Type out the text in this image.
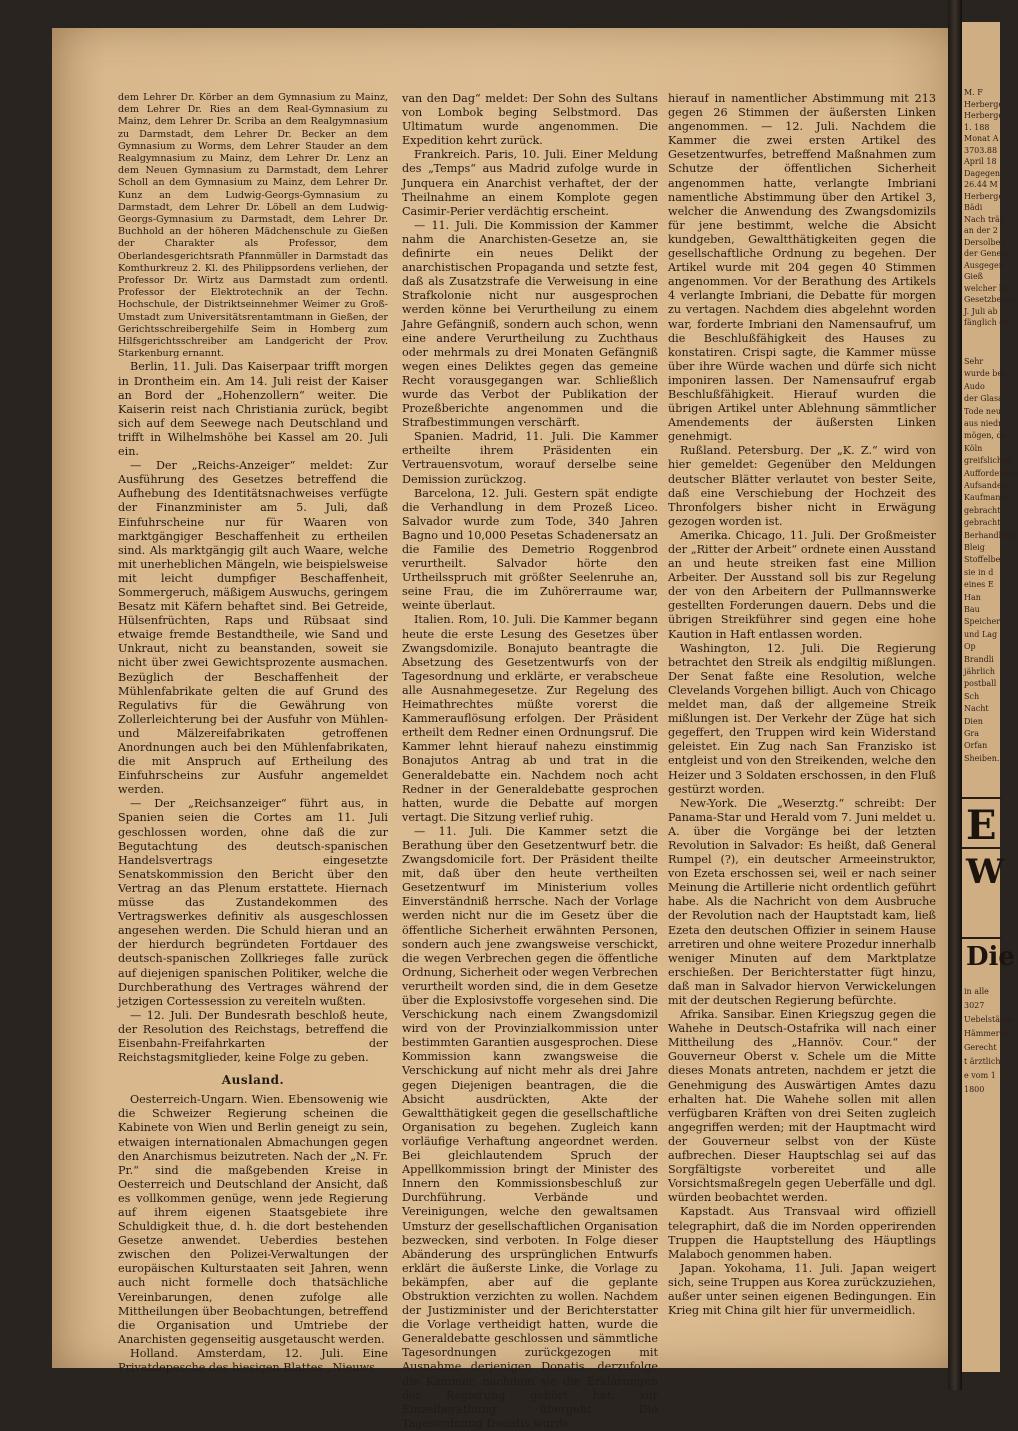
dem Lehrer Dr. Körber an dem Gymnasium zu Mainz, dem Lehrer Dr. Ries an dem Real-Gymnasium zu Mainz, dem Lehrer Dr. Scriba an dem Realgymnasium zu Darmstadt, dem Lehrer Dr. Becker an dem Gymnasium zu Worms, dem Lehrer Stauder an dem Realgymnasium zu Mainz, dem Lehrer Dr. Lenz an dem Neuen Gymnasium zu Darmstadt, dem Lehrer Scholl an dem Gymnasium zu Mainz, dem Lehrer Dr. Kunz an dem Ludwig-Georgs-Gymnasium zu Darmstadt, dem Lehrer Dr. Löbell an dem Ludwig-Georgs-Gymnasium zu Darmstadt, dem Lehrer Dr. Buchhold an der höheren Mädchenschule zu Gießen der Charakter als Professor, dem Oberlandesgerichtsrath Pfannmüller in Darmstadt das Komthurkreuz 2. Kl. des Philippsordens verliehen, der Professor Dr. Wirtz aus Darmstadt zum ordentl. Professor der Elektrotechnik an der Techn. Hochschule, der Distriktseinnehmer Weimer zu Groß-Umstadt zum Universitätsrentamtmann in Gießen, der Gerichtsschreibergehilfe Seim in Homberg zum Hilfsgerichtsschreiber am Landgericht der Prov. Starkenburg ernannt.

Berlin, 11. Juli. Das Kaiserpaar trifft morgen in Drontheim ein. Am 14. Juli reist der Kaiser an Bord der „Hohenzollern“ weiter. Die Kaiserin reist nach Christiania zurück, begibt sich auf dem Seewege nach Deutschland und trifft in Wilhelmshöhe bei Kassel am 20. Juli ein.

— Der „Reichs-Anzeiger“ meldet: Zur Ausführung des Gesetzes betreffend die Aufhebung des Identitätsnachweises verfügte der Finanzminister am 5. Juli, daß Einfuhrscheine nur für Waaren von marktgängiger Beschaffenheit zu ertheilen sind. Als marktgängig gilt auch Waare, welche mit unerheblichen Mängeln, wie beispielsweise mit leicht dumpfiger Beschaffenheit, Sommergeruch, mäßigem Auswuchs, geringem Besatz mit Käfern behaftet sind. Bei Getreide, Hülsenfrüchten, Raps und Rübsaat sind etwaige fremde Bestandtheile, wie Sand und Unkraut, nicht zu beanstanden, soweit sie nicht über zwei Gewichtsprozente ausmachen. Bezüglich der Beschaffenheit der Mühlenfabrikate gelten die auf Grund des Regulativs für die Gewährung von Zollerleichterung bei der Ausfuhr von Mühlen- und Mälzereifabrikaten getroffenen Anordnungen auch bei den Mühlenfabrikaten, die mit Anspruch auf Ertheilung des Einfuhrscheins zur Ausfuhr angemeldet werden.

— Der „Reichsanzeiger“ führt aus, in Spanien seien die Cortes am 11. Juli geschlossen worden, ohne daß die zur Begutachtung des deutsch-spanischen Handelsvertrags eingesetzte Senatskommission den Bericht über den Vertrag an das Plenum erstattete. Hiernach müsse das Zustandekommen des Vertragswerkes definitiv als ausgeschlossen angesehen werden. Die Schuld hieran und an der hierdurch begründeten Fortdauer des deutsch-spanischen Zollkrieges falle zurück auf diejenigen spanischen Politiker, welche die Durchberathung des Vertrages während der jetzigen Cortessession zu vereiteln wußten.

— 12. Juli. Der Bundesrath beschloß heute, der Resolution des Reichstags, betreffend die Eisenbahn-Freifahrkarten der Reichstagsmitglieder, keine Folge zu geben.

Ausland.

Oesterreich-Ungarn. Wien. Ebensowenig wie die Schweizer Regierung scheinen die Kabinete von Wien und Berlin geneigt zu sein, etwaigen internationalen Abmachungen gegen den Anarchismus beizutreten. Nach der „N. Fr. Pr.“ sind die maßgebenden Kreise in Oesterreich und Deutschland der Ansicht, daß es vollkommen genüge, wenn jede Regierung auf ihrem eigenen Staatsgebiete ihre Schuldigkeit thue, d. h. die dort bestehenden Gesetze anwendet. Ueberdies bestehen zwischen den Polizei-Verwaltungen der europäischen Kulturstaaten seit Jahren, wenn auch nicht formelle doch thatsächliche Vereinbarungen, denen zufolge alle Mittheilungen über Beobachtungen, betreffend die Organisation und Umtriebe der Anarchisten gegenseitig ausgetauscht werden.

Holland. Amsterdam, 12. Juli. Eine Privatdepesche des hiesigen Blattes „Nieuws

van den Dag“ meldet: Der Sohn des Sultans von Lombok beging Selbstmord. Das Ultimatum wurde angenommen. Die Expedition kehrt zurück.

Frankreich. Paris, 10. Juli. Einer Meldung des „Temps“ aus Madrid zufolge wurde in Junquera ein Anarchist verhaftet, der der Theilnahme an einem Komplote gegen Casimir-Perier verdächtig erscheint.

— 11. Juli. Die Kommission der Kammer nahm die Anarchisten-Gesetze an, sie definirte ein neues Delikt der anarchistischen Propaganda und setzte fest, daß als Zusatzstrafe die Verweisung in eine Strafkolonie nicht nur ausgesprochen werden könne bei Verurtheilung zu einem Jahre Gefängniß, sondern auch schon, wenn eine andere Verurtheilung zu Zuchthaus oder mehrmals zu drei Monaten Gefängniß wegen eines Deliktes gegen das gemeine Recht vorausgegangen war. Schließlich wurde das Verbot der Publikation der Prozeßberichte angenommen und die Strafbestimmungen verschärft.

Spanien. Madrid, 11. Juli. Die Kammer ertheilte ihrem Präsidenten ein Vertrauensvotum, worauf derselbe seine Demission zurückzog.

Barcelona, 12. Juli. Gestern spät endigte die Verhandlung in dem Prozeß Liceo. Salvador wurde zum Tode, 340 Jahren Bagno und 10,000 Pesetas Schadenersatz an die Familie des Demetrio Roggenbrod verurtheilt. Salvador hörte den Urtheilsspruch mit größter Seelenruhe an, seine Frau, die im Zuhörerraume war, weinte überlaut.

Italien. Rom, 10. Juli. Die Kammer begann heute die erste Lesung des Gesetzes über Zwangsdomizile. Bonajuto beantragte die Absetzung des Gesetzentwurfs von der Tagesordnung und erklärte, er verabscheue alle Ausnahmegesetze. Zur Regelung des Heimathrechtes müßte vorerst die Kammerauflösung erfolgen. Der Präsident ertheilt dem Redner einen Ordnungsruf. Die Kammer lehnt hierauf nahezu einstimmig Bonajutos Antrag ab und trat in die Generaldebatte ein. Nachdem noch acht Redner in der Generaldebatte gesprochen hatten, wurde die Debatte auf morgen vertagt. Die Sitzung verlief ruhig.

— 11. Juli. Die Kammer setzt die Berathung über den Gesetzentwurf betr. die Zwangsdomicile fort. Der Präsident theilte mit, daß über den heute vertheilten Gesetzentwurf im Ministerium volles Einverständniß herrsche. Nach der Vorlage werden nicht nur die im Gesetz über die öffentliche Sicherheit erwähnten Personen, sondern auch jene zwangsweise verschickt, die wegen Verbrechen gegen die öffentliche Ordnung, Sicherheit oder wegen Verbrechen verurtheilt worden sind, die in dem Gesetze über die Explosivstoffe vorgesehen sind. Die Verschickung nach einem Zwangsdomizil wird von der Provinzialkommission unter bestimmten Garantien ausgesprochen. Diese Kommission kann zwangsweise die Verschickung auf nicht mehr als drei Jahre gegen Diejenigen beantragen, die die Absicht ausdrückten, Akte der Gewaltthätigkeit gegen die gesellschaftliche Organisation zu begehen. Zugleich kann vorläufige Verhaftung angeordnet werden. Bei gleichlautendem Spruch der Appellkommission bringt der Minister des Innern den Kommissionsbeschluß zur Durchführung. Verbände und Vereinigungen, welche den gewaltsamen Umsturz der gesellschaftlichen Organisation bezwecken, sind verboten. In Folge dieser Abänderung des ursprünglichen Entwurfs erklärt die äußerste Linke, die Vorlage zu bekämpfen, aber auf die geplante Obstruktion verzichten zu wollen. Nachdem der Justizminister und der Berichterstatter die Vorlage vertheidigt hatten, wurde die Generaldebatte geschlossen und sämmtliche Tagesordnungen zurückgezogen mit Ausnahme derjenigen Donatis, derzufolge die Kammer, nachdem sie die Erklärungen der Regierung gehört hat, zur Einzelberathung übergeht. Die Tagesordnung Donatis wurde

hierauf in namentlicher Abstimmung mit 213 gegen 26 Stimmen der äußersten Linken angenommen. — 12. Juli. Nachdem die Kammer die zwei ersten Artikel des Gesetzentwurfes, betreffend Maßnahmen zum Schutze der öffentlichen Sicherheit angenommen hatte, verlangte Imbriani namentliche Abstimmung über den Artikel 3, welcher die Anwendung des Zwangsdomizils für jene bestimmt, welche die Absicht kundgeben, Gewaltthätigkeiten gegen die gesellschaftliche Ordnung zu begehen. Der Artikel wurde mit 204 gegen 40 Stimmen angenommen. Vor der Berathung des Artikels 4 verlangte Imbriani, die Debatte für morgen zu vertagen. Nachdem dies abgelehnt worden war, forderte Imbriani den Namensaufruf, um die Beschlußfähigkeit des Hauses zu konstatiren. Crispi sagte, die Kammer müsse über ihre Würde wachen und dürfe sich nicht imponiren lassen. Der Namensaufruf ergab Beschlußfähigkeit. Hierauf wurden die übrigen Artikel unter Ablehnung sämmtlicher Amendements der äußersten Linken genehmigt.

Rußland. Petersburg. Der „K. Z.“ wird von hier gemeldet: Gegenüber den Meldungen deutscher Blätter verlautet von bester Seite, daß eine Verschiebung der Hochzeit des Thronfolgers bisher nicht in Erwägung gezogen worden ist.

Amerika. Chicago, 11. Juli. Der Großmeister der „Ritter der Arbeit“ ordnete einen Ausstand an und heute streiken fast eine Million Arbeiter. Der Ausstand soll bis zur Regelung der von den Arbeitern der Pullmannswerke gestellten Forderungen dauern. Debs und die übrigen Streikführer sind gegen eine hohe Kaution in Haft entlassen worden.

Washington, 12. Juli. Die Regierung betrachtet den Streik als endgiltig mißlungen. Der Senat faßte eine Resolution, welche Clevelands Vorgehen billigt. Auch von Chicago meldet man, daß der allgemeine Streik mißlungen ist. Der Verkehr der Züge hat sich gegeffert, den Truppen wird kein Widerstand geleistet. Ein Zug nach San Franzisko ist entgleist und von den Streikenden, welche den Heizer und 3 Soldaten erschossen, in den Fluß gestürzt worden.

New-York. Die „Weserztg.“ schreibt: Der Panama-Star und Herald vom 7. Juni meldet u. A. über die Vorgänge bei der letzten Revolution in Salvador: Es heißt, daß General Rumpel (?), ein deutscher Armeeinstruktor, von Ezeta erschossen sei, weil er nach seiner Meinung die Artillerie nicht ordentlich geführt habe. Als die Nachricht von dem Ausbruche der Revolution nach der Hauptstadt kam, ließ Ezeta den deutschen Offizier in seinem Hause arretiren und ohne weitere Prozedur innerhalb weniger Minuten auf dem Marktplatze erschießen. Der Berichterstatter fügt hinzu, daß man in Salvador hiervon Verwickelungen mit der deutschen Regierung befürchte.

Afrika. Sansibar. Einen Kriegszug gegen die Wahehe in Deutsch-Ostafrika will nach einer Mittheilung des „Hannöv. Cour.“ der Gouverneur Oberst v. Schele um die Mitte dieses Monats antreten, nachdem er jetzt die Genehmigung des Auswärtigen Amtes dazu erhalten hat. Die Wahehe sollen mit allen verfügbaren Kräften von drei Seiten zugleich angegriffen werden; mit der Hauptmacht wird der Gouverneur selbst von der Küste aufbrechen. Dieser Hauptschlag sei auf das Sorgfältigste vorbereitet und alle Vorsichtsmaßregeln gegen Ueberfälle und dgl. würden beobachtet werden.

Kapstadt. Aus Transvaal wird offiziell telegraphirt, daß die im Norden opperirenden Truppen die Hauptstellung des Häuptlings Malaboch genommen haben.

Japan. Yokohama, 11. Juli. Japan weigert sich, seine Truppen aus Korea zurückzuziehen, außer unter seinen eigenen Bedingungen. Ein Krieg mit China gilt hier für unvermeidlich.

M. F
Herberge
Herberge
1. 188
Monat A
3703.88
April 18
Dagegen
26.44 M
Herberge
Bädi
Nach träg
an der 2
Dersolbe i
der Generl
Ausgegen
Gieß
welcher bei
Gesetzbeiten
J. Juli ab
fänglich en
Sehr
wurde bei
Audo
der Glasa
Tode neu
aus niedri
mögen, da
Köln
greifslichall
Aufforderung
Aufsanden
Kaufmann
gebracht
gebracht
Berhandlung
Bleig
Stoffelbe
sie in d
eines E
Han
Bau
Speicher
und Lag
Op
Brandli
jährlich
postball
Sch
Nacht
Dien
Gra
Orfan
Sheiben.
E
W
Die
in alle
3027
Uebelstände
Hämmerer
Gerecht
t ärztlich
e vom 1
1800
